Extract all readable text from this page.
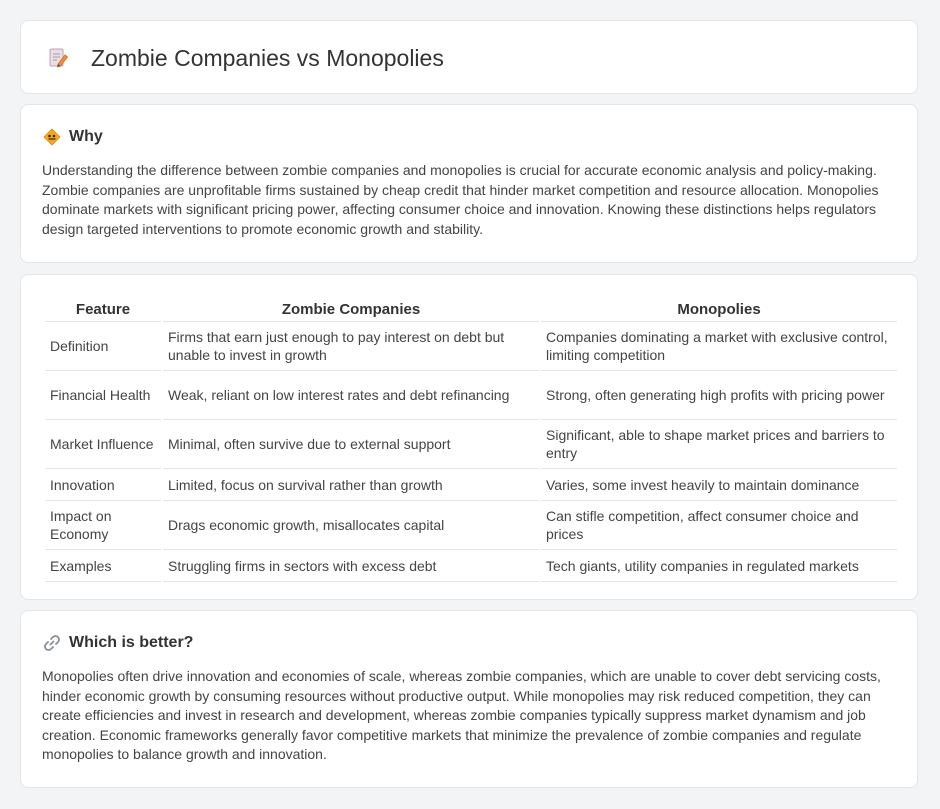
Zombie Companies vs Monopolies
Why

Understanding the difference between zombie companies and monopolies is crucial for accurate economic analysis and policy-making. Zombie companies are unprofitable firms sustained by cheap credit that hinder market competition and resource allocation. Monopolies dominate markets with significant pricing power, affecting consumer choice and innovation. Knowing these distinctions helps regulators design targeted interventions to promote economic growth and stability.

Feature	Zombie Companies	Monopolies
Definition	Firms that earn just enough to pay interest on debt but unable to invest in growth	Companies dominating a market with exclusive control, limiting competition
Financial Health	Weak, reliant on low interest rates and debt refinancing	Strong, often generating high profits with pricing power
Market Influence	Minimal, often survive due to external support	Significant, able to shape market prices and barriers to entry
Innovation	Limited, focus on survival rather than growth	Varies, some invest heavily to maintain dominance
Impact on Economy	Drags economic growth, misallocates capital	Can stifle competition, affect consumer choice and prices
Examples	Struggling firms in sectors with excess debt	Tech giants, utility companies in regulated markets
Which is better?

Monopolies often drive innovation and economies of scale, whereas zombie companies, which are unable to cover debt servicing costs, hinder economic growth by consuming resources without productive output. While monopolies may risk reduced competition, they can create efficiencies and invest in research and development, whereas zombie companies typically suppress market dynamism and job creation. Economic frameworks generally favor competitive markets that minimize the prevalence of zombie companies and regulate monopolies to balance growth and innovation.
